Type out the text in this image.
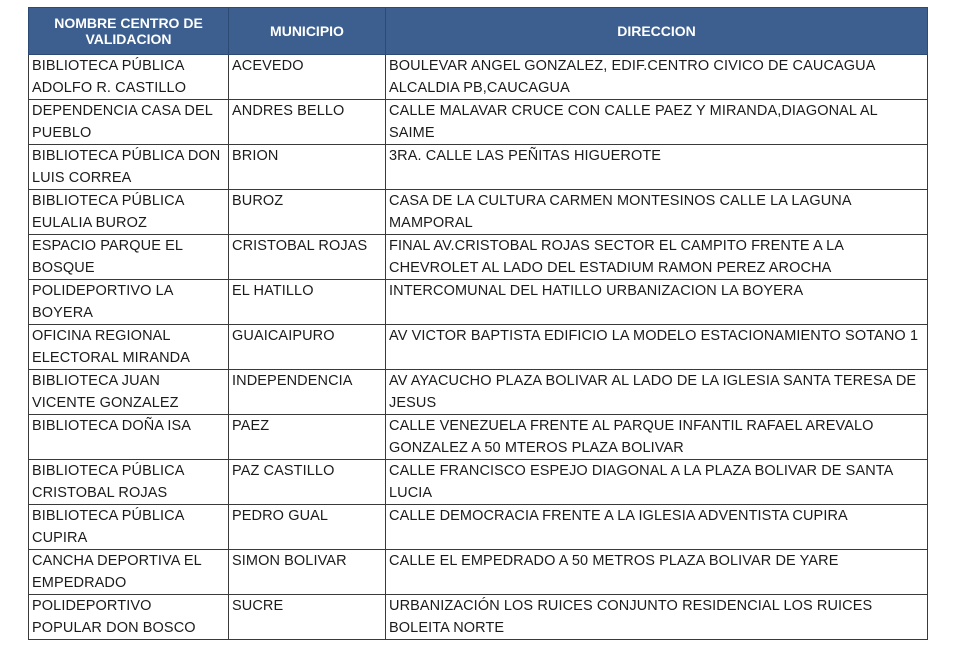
NOMBRE CENTRO DE VALIDACION	MUNICIPIO	DIRECCION
BIBLIOTECA PÚBLICA ADOLFO R. CASTILLO	ACEVEDO	BOULEVAR ANGEL GONZALEZ, EDIF.CENTRO CIVICO DE CAUCAGUA ALCALDIA PB,CAUCAGUA
DEPENDENCIA CASA DEL PUEBLO	ANDRES BELLO	CALLE MALAVAR CRUCE CON CALLE PAEZ Y MIRANDA,DIAGONAL AL SAIME
BIBLIOTECA PÚBLICA DON LUIS CORREA	BRION	3RA. CALLE LAS PEÑITAS HIGUEROTE
BIBLIOTECA PÚBLICA EULALIA BUROZ	BUROZ	CASA DE LA CULTURA CARMEN MONTESINOS CALLE LA LAGUNA MAMPORAL
ESPACIO PARQUE EL BOSQUE	CRISTOBAL ROJAS	FINAL AV.CRISTOBAL ROJAS SECTOR EL CAMPITO FRENTE A LA CHEVROLET AL LADO DEL ESTADIUM RAMON PEREZ AROCHA
POLIDEPORTIVO LA BOYERA	EL HATILLO	INTERCOMUNAL DEL HATILLO URBANIZACION LA BOYERA
OFICINA REGIONAL ELECTORAL MIRANDA	GUAICAIPURO	AV VICTOR BAPTISTA EDIFICIO LA MODELO ESTACIONAMIENTO SOTANO 1
BIBLIOTECA JUAN VICENTE GONZALEZ	INDEPENDENCIA	AV AYACUCHO PLAZA BOLIVAR AL LADO DE LA IGLESIA SANTA TERESA DE JESUS
BIBLIOTECA DOÑA ISA	PAEZ	CALLE VENEZUELA FRENTE AL PARQUE INFANTIL RAFAEL AREVALO GONZALEZ A 50 MTEROS PLAZA BOLIVAR
BIBLIOTECA PÚBLICA CRISTOBAL ROJAS	PAZ CASTILLO	CALLE FRANCISCO ESPEJO DIAGONAL A LA PLAZA BOLIVAR DE SANTA LUCIA
BIBLIOTECA PÚBLICA CUPIRA	PEDRO GUAL	CALLE DEMOCRACIA FRENTE A LA IGLESIA ADVENTISTA CUPIRA
CANCHA DEPORTIVA EL EMPEDRADO	SIMON BOLIVAR	CALLE EL EMPEDRADO A 50 METROS PLAZA BOLIVAR DE YARE
POLIDEPORTIVO POPULAR DON BOSCO	SUCRE	URBANIZACIÓN LOS RUICES CONJUNTO RESIDENCIAL LOS RUICES BOLEITA NORTE
